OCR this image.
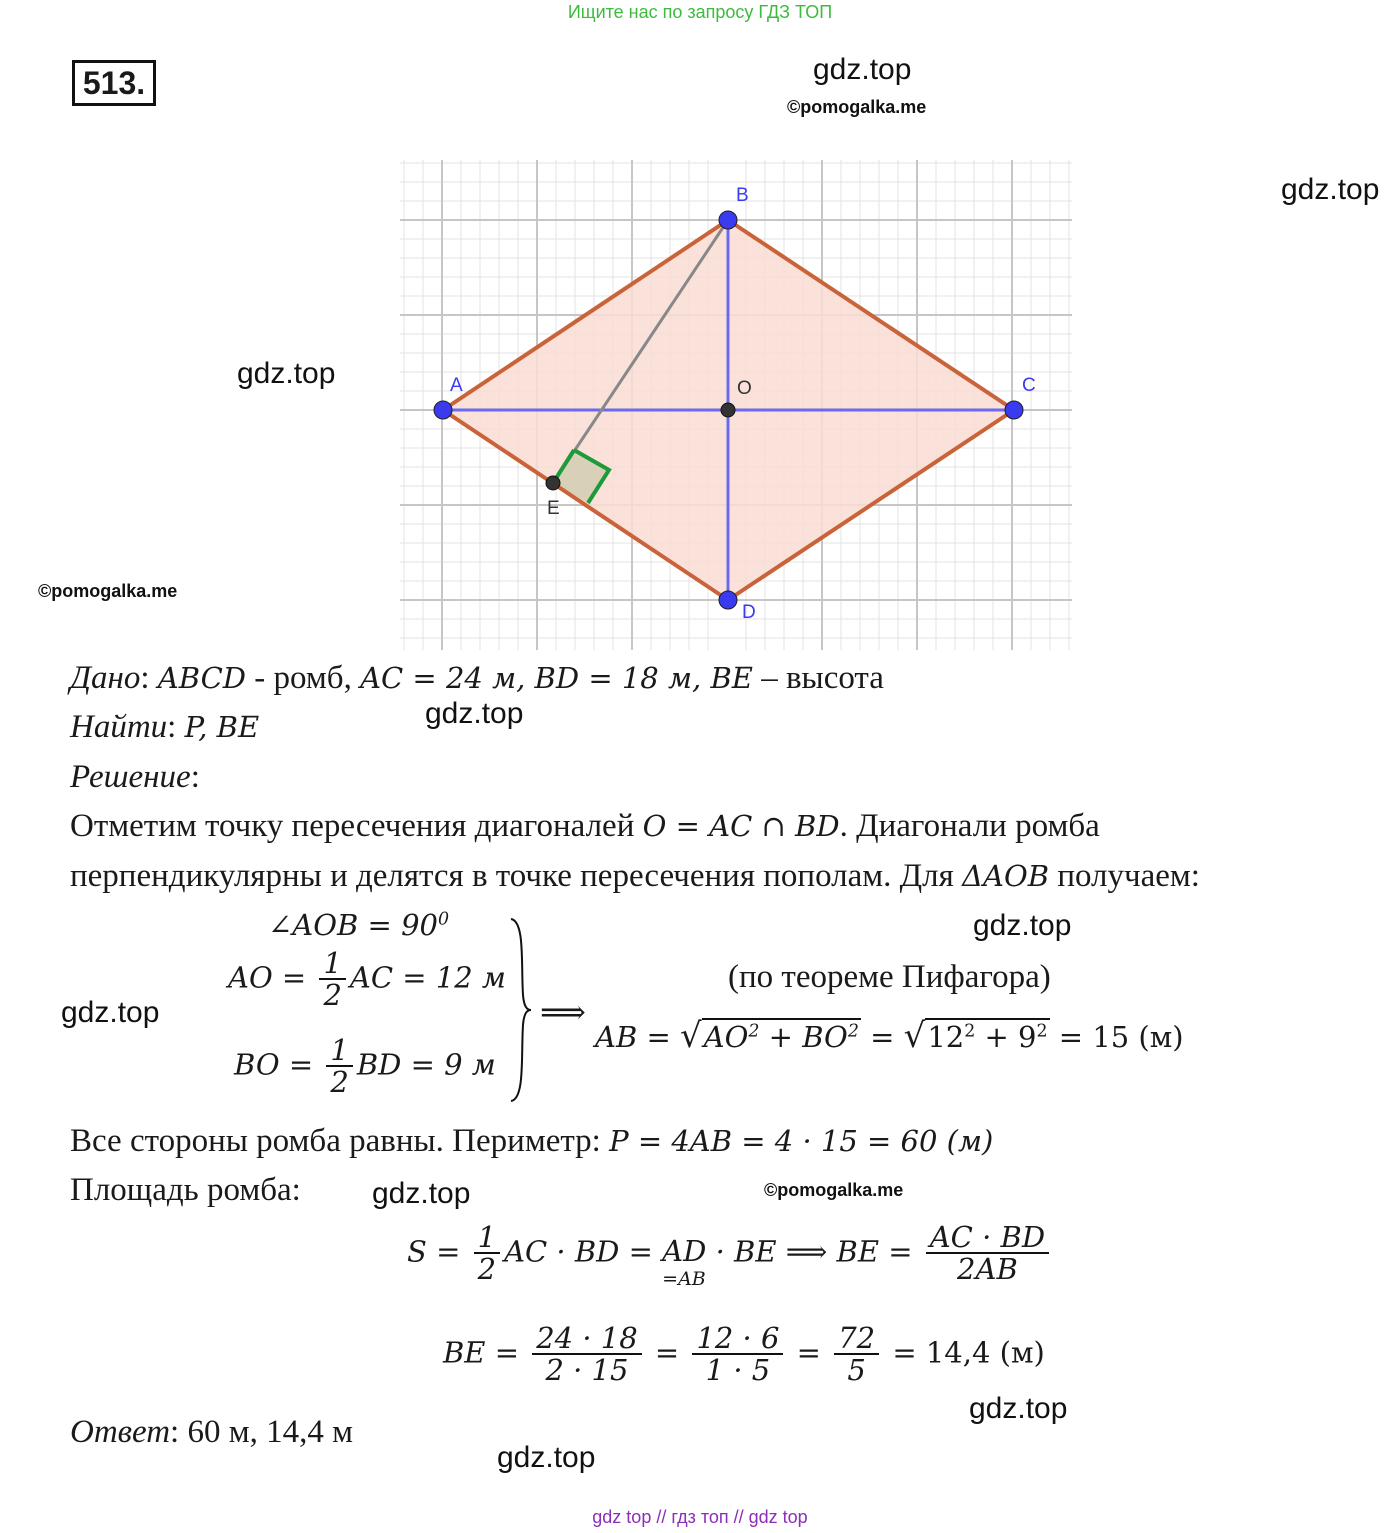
Ищите нас по запросу ГДЗ ТОП
gdz top // гдз топ // gdz top
513.	gdz.top
©pomogalka.me
gdz.top
gdz.top
©pomogalka.me
gdz.top
gdz.top
gdz.top
gdz.top	©pomogalka.me
gdz.top
gdz.top
A
B
C
D
O
E
Дано: ABCD - ромб, AC = 24 м, BD = 18 м, BE – высота
Найти: P, BE
Решение:
Отметим точку пересечения диагоналей O = AC ∩ BD. Диагонали ромба
перпендикулярны и делятся в точке пересечения пополам. Для ΔAOB получаем:
∠AOB = $90^0$
AO = $\frac{1}{2}$ AC = 12 м
BO = $\frac{1}{2}$ BD = 9 м
⟹
(по теореме Пифагора)
AB = $√AO^2 + BO^2 = √12^2 + 9^2 = 15$ (м)
Все стороны ромба равны. Периметр: P = 4AB = 4 · 15 = 60 (м)
Площадь ромба:
$S = \frac{1}{2}$ AC · BD = AD
=AB
· BE ⟹ BE = $\frac{AC \cdot BD}{2AB}$
BE = $\frac{24 \cdot 18}{2 \cdot 15} = \frac{12 \cdot 6}{1 \cdot 5} = \frac{72}{5} = 14,4$ (м)
Ответ: 60 м, 14,4 м
